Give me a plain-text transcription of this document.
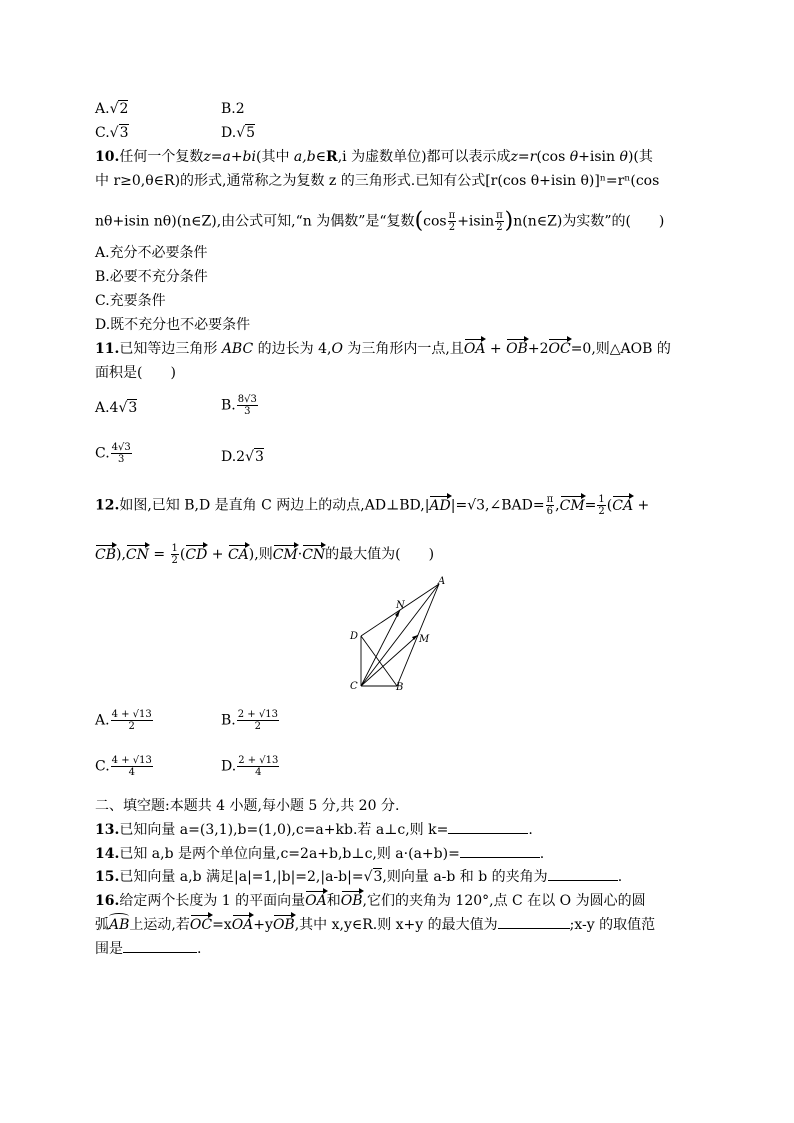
A.√2	B.2
C.√3	D.√5
10.任何一个复数z=a+bi(其中 a,b∈R,i 为虚数单位)都可以表示成z=r(cos θ+isin θ)(其
中 r≥0,θ∈R)的形式,通常称之为复数 z 的三角形式.已知有公式[r(cos θ+isin θ)]ⁿ=rⁿ(cos
nθ+isin nθ)(n∈Z),由公式可知,“n 为偶数”是“复数($\cos \frac{\pi}{2} +isin \frac{\pi}{2}$ )n(n∈Z)为实数”的(　　)
A.充分不必要条件
B.必要不充分条件
C.充要条件
D.既不充分也不必要条件
11.已知等边三角形 ABC 的边长为 4,O 为三角形内一点,且OA + OB+2OC=0,则△AOB 的
面积是(　　)
A.4√3	B. $\frac{8√3}{3}$
C. $\frac{4√3}{3}$	D.2√3
12.如图,已知 B,D 是直角 C 两边上的动点,AD⊥BD,|AD|=√3,∠BAD= $\frac{\pi}{6} ,CM= \frac{1}{2} (CA$ +
$CB),CN = \frac{1}{2} (CD + CA)$,则CM·CN的最大值为(　　)
A
N
M
D
C	B
A. $\frac{4 + √13}{2}$	B. $\frac{2 + √13}{2}$
C. $\frac{4 + √13}{4}$	D. $\frac{2 + √13}{4}$
二、填空题:本题共 4 小题,每小题 5 分,共 20 分.
13.已知向量 a=(3,1),b=(1,0),c=a+kb.若 a⊥c,则 k=	.
14.已知 a,b 是两个单位向量,c=2a+b,b⊥c,则 a·(a+b)=	.
15.已知向量 a,b 满足|a|=1,|b|=2,|a-b|=√3,则向量 a-b 和 b 的夹角为	.
16.给定两个长度为 1 的平面向量OA和OB,它们的夹角为 120°,点 C 在以 O 为圆心的圆
弧AB上运动,若OC=xOA+yOB,其中 x,y∈R.则 x+y 的最大值为	;x-y 的取值范
围是	.
